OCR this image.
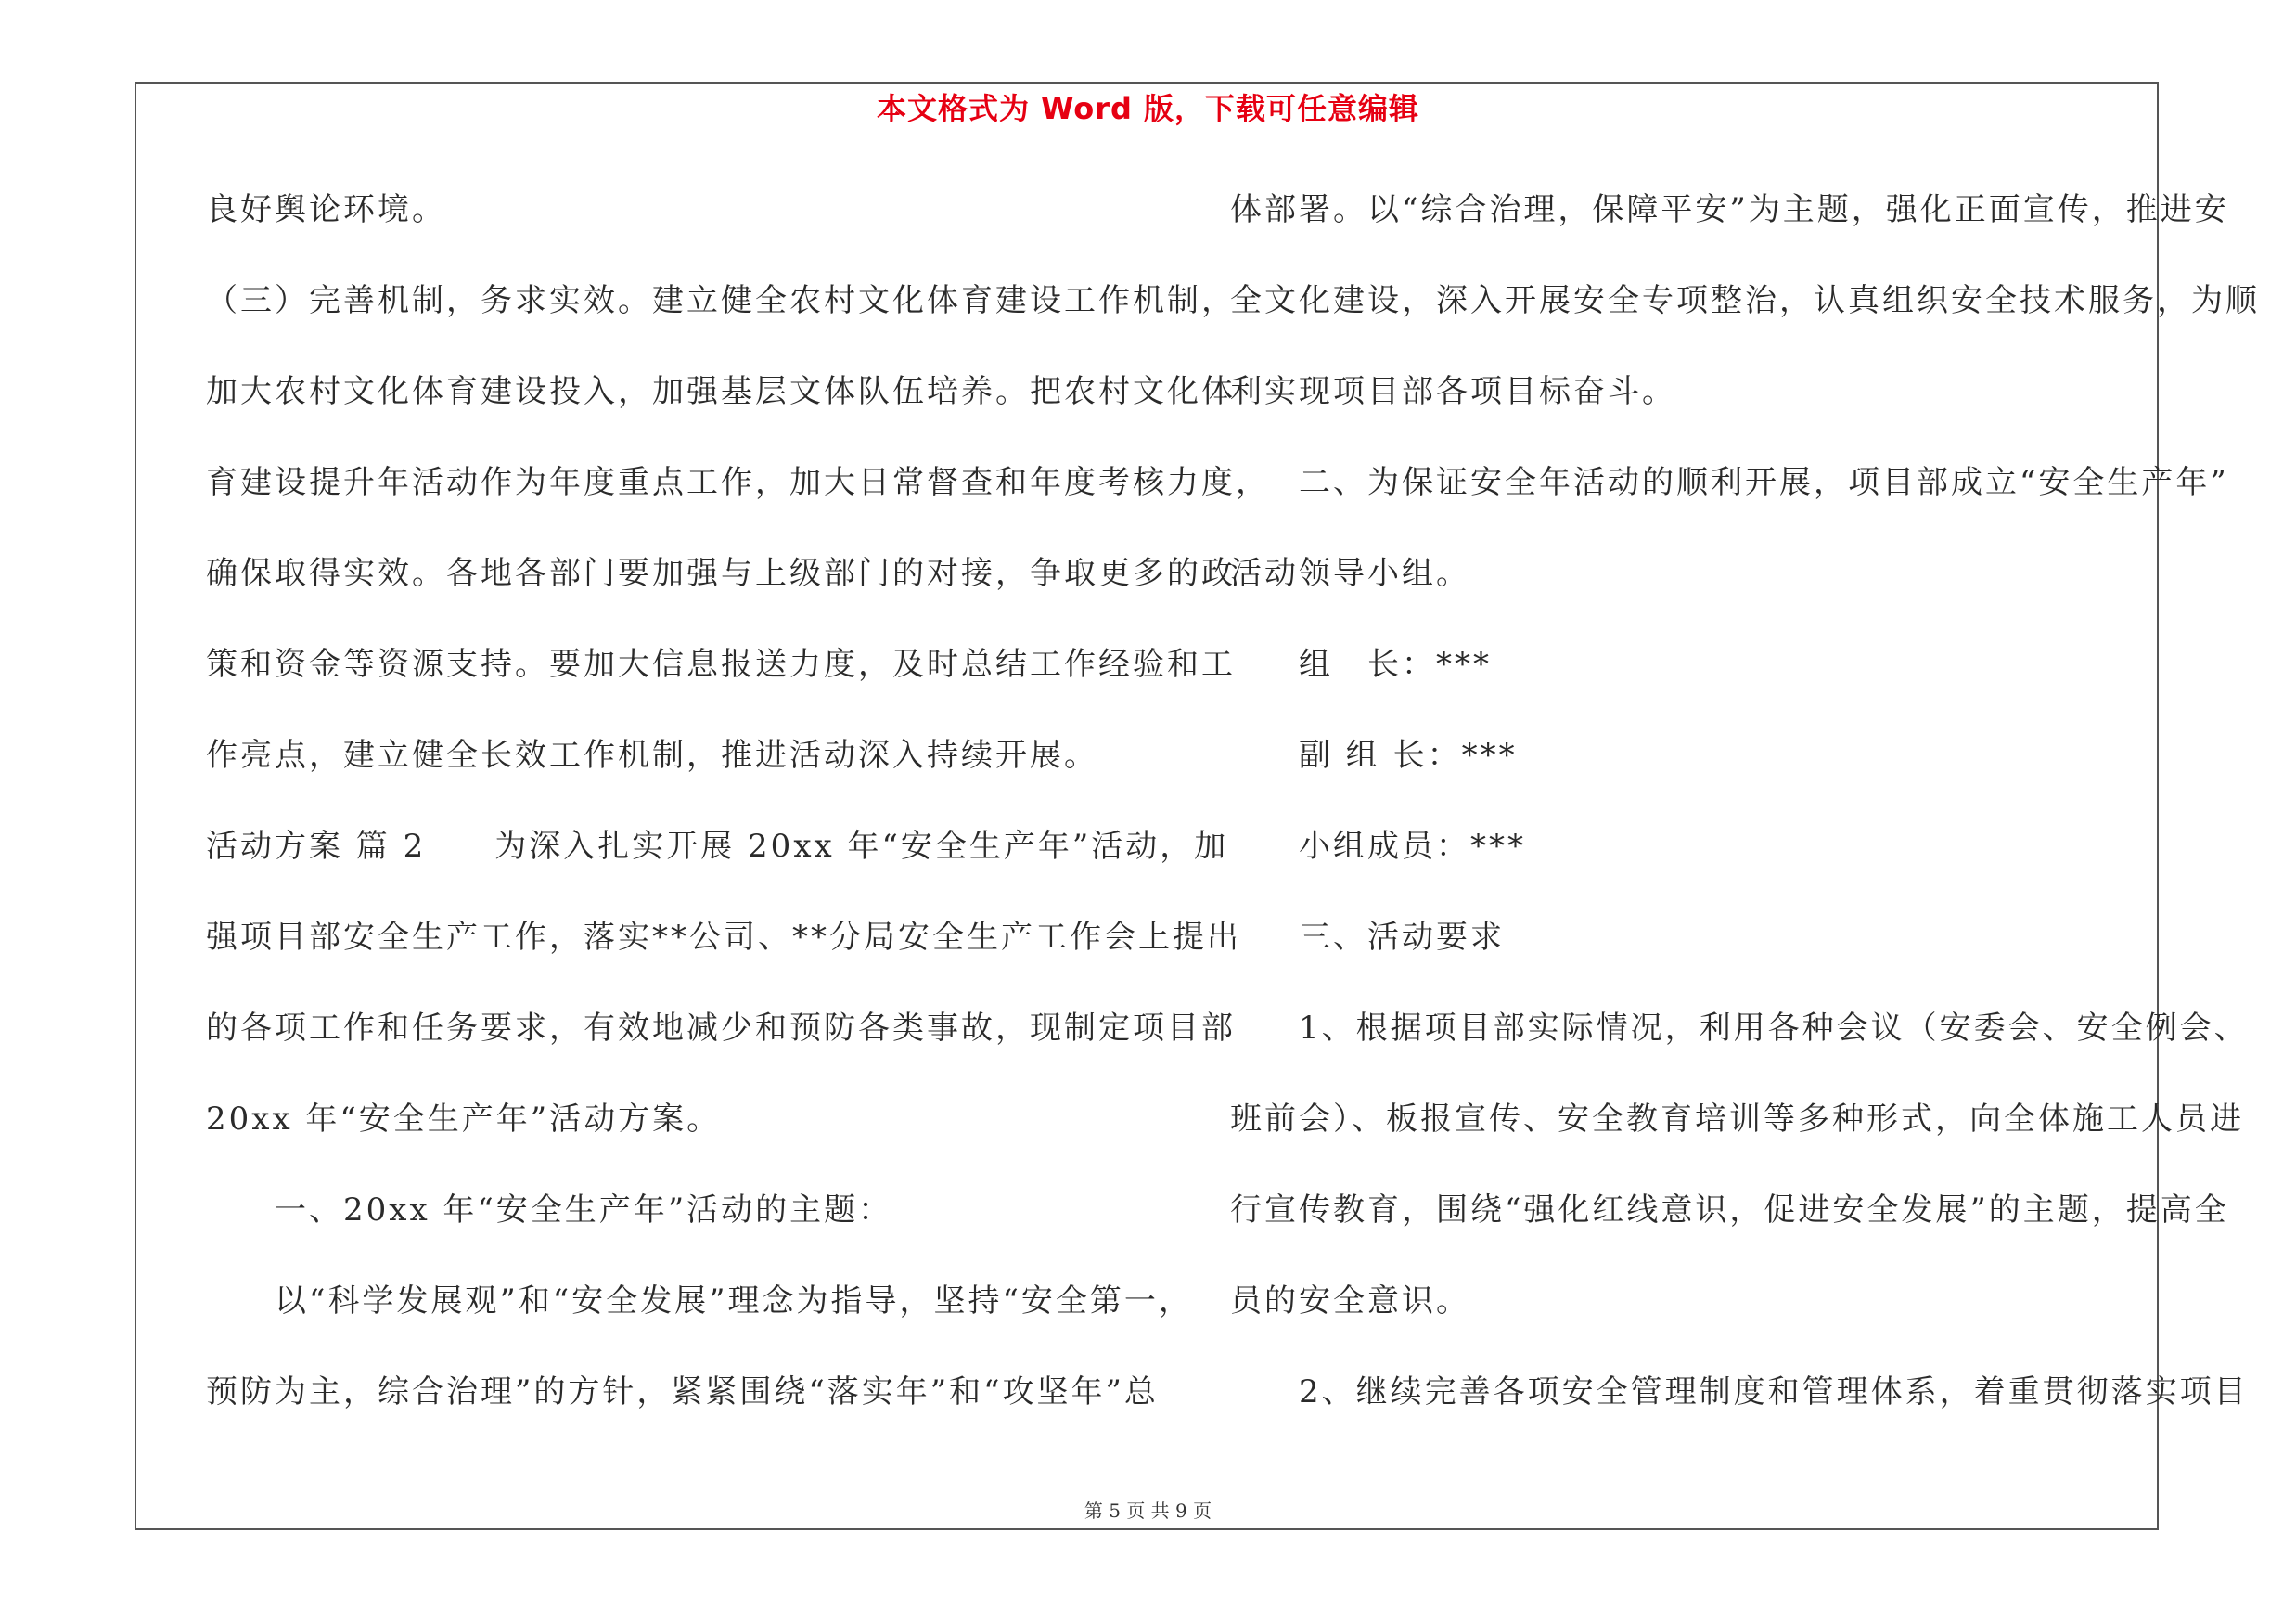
本文格式为 Word 版，下载可任意编辑
良好舆论环境。
（三）完善机制，务求实效。建立健全农村文化体育建设工作机制，
加大农村文化体育建设投入，加强基层文体队伍培养。把农村文化体
育建设提升年活动作为年度重点工作，加大日常督查和年度考核力度，
确保取得实效。各地各部门要加强与上级部门的对接，争取更多的政
策和资金等资源支持。要加大信息报送力度，及时总结工作经验和工
作亮点，建立健全长效工作机制，推进活动深入持续开展。
活动方案 篇 2　　为深入扎实开展 20xx 年“安全生产年”活动，加
强项目部安全生产工作，落实**公司、**分局安全生产工作会上提出
的各项工作和任务要求，有效地减少和预防各类事故，现制定项目部
20xx 年“安全生产年”活动方案。
　　一、20xx 年“安全生产年”活动的主题：
　　以“科学发展观”和“安全发展”理念为指导，坚持“安全第一，
预防为主，综合治理”的方针，紧紧围绕“落实年”和“攻坚年”总
体部署。以“综合治理，保障平安”为主题，强化正面宣传，推进安
全文化建设，深入开展安全专项整治，认真组织安全技术服务，为顺
利实现项目部各项目标奋斗。
　　二、为保证安全年活动的顺利开展，项目部成立“安全生产年”
活动领导小组。
　　组　长：***
　　副 组 长：***
　　小组成员：***
　　三、活动要求
　　1、根据项目部实际情况，利用各种会议（安委会、安全例会、
班前会）、板报宣传、安全教育培训等多种形式，向全体施工人员进
行宣传教育，围绕“强化红线意识，促进安全发展”的主题，提高全
员的安全意识。
　　2、继续完善各项安全管理制度和管理体系，着重贯彻落实项目
第 5 页 共 9 页
